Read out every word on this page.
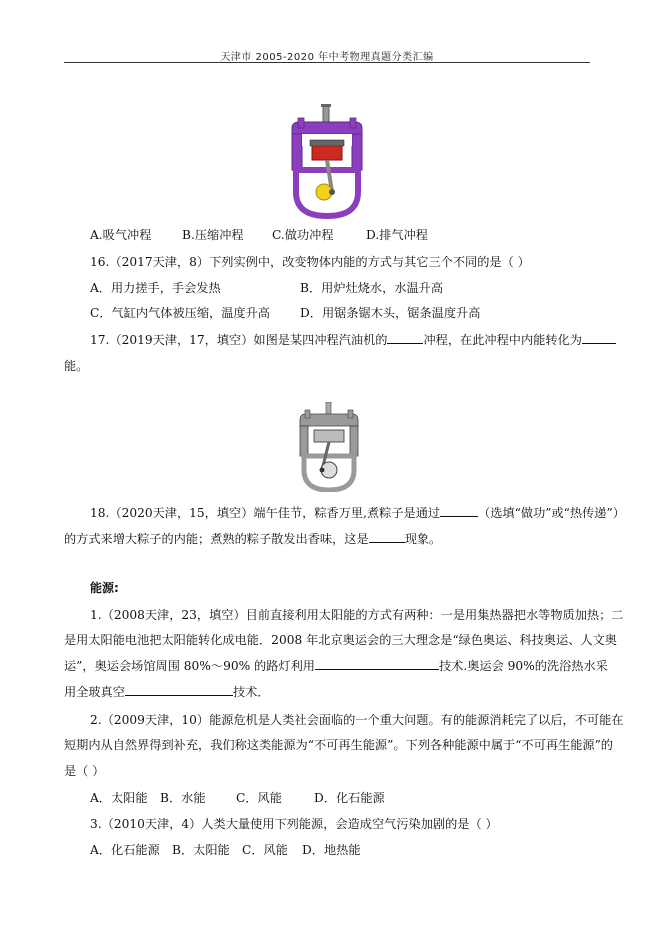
天津市 2005-2020 年中考物理真题分类汇编
A.吸气冲程	B.压缩冲程 C.做功冲程	D.排气冲程
16.（2017天津，8）下列实例中，改变物体内能的方式与其它三个不同的是（ ）
A．用力搓手，手会发热	B．用炉灶烧水，水温升高
C．气缸内气体被压缩，温度升高 D．用锯条锯木头，锯条温度升高
17.（2019天津，17，填空）如图是某四冲程汽油机的	冲程，在此冲程中内能转化为
能。
18.（2020天津，15，填空）端午佳节，粽香万里,煮粽子是通过	（选填“做功”或“热传递”）
的方式来增大粽子的内能；煮熟的粽子散发出香味，这是	现象。
能源:
1.（2008天津，23，填空）目前直接利用太阳能的方式有两种：一是用集热器把水等物质加热；二
是用太阳能电池把太阳能转化成电能．2008 年北京奥运会的三大理念是“绿色奥运、科技奥运、人文奥
运”，奥运会场馆周围 80%～90% 的路灯利用	技术.奥运会 90%的洗浴热水采
用全玻真空	技术．
2.（2009天津，10）能源危机是人类社会面临的一个重大问题。有的能源消耗完了以后，不可能在
短期内从自然界得到补充，我们称这类能源为“不可再生能源”。下列各种能源中属于“不可再生能源”的
是（ ）
A．太阳能 B．水能 C．风能	D．化石能源
3.（2010天津，4）人类大量使用下列能源，会造成空气污染加剧的是（ ）
A．化石能源 B．太阳能 C．风能 D．地热能
